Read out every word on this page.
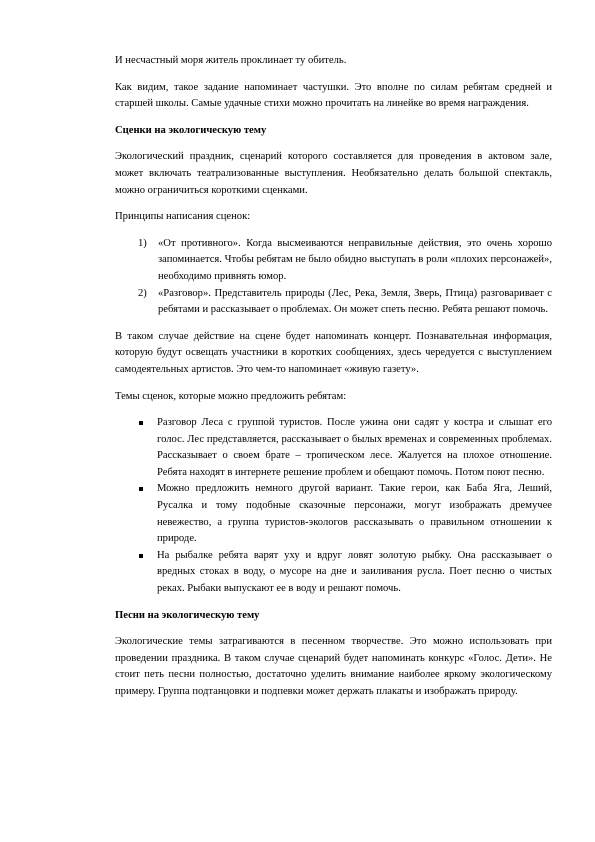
И несчастный моря житель проклинает ту обитель.

Как видим, такое задание напоминает частушки. Это вполне по силам ребятам средней и старшей школы. Самые удачные стихи можно прочитать на линейке во время награждения.

Сценки на экологическую тему

Экологический праздник, сценарий которого составляется для проведения в актовом зале, может включать театрализованные выступления. Необязательно делать большой спектакль, можно ограничиться короткими сценками.

Принципы написания сценок:

1) «От противного». Когда высмеиваются неправильные действия, это очень хорошо запоминается. Чтобы ребятам не было обидно выступать в роли «плохих персонажей», необходимо привнять юмор.
2) «Разговор». Представитель природы (Лес, Река, Земля, Зверь, Птица) разговаривает с ребятами и рассказывает о проблемах. Он может спеть песню. Ребята решают помочь.

В таком случае действие на сцене будет напоминать концерт. Познавательная информация, которую будут освещать участники в коротких сообщениях, здесь чередуется с выступлением самодеятельных артистов. Это чем-то напоминает «живую газету».

Темы сценок, которые можно предложить ребятам:

Разговор Леса с группой туристов. После ужина они садят у костра и слышат его голос. Лес представляется, рассказывает о былых временах и современных проблемах. Рассказывает о своем брате – тропическом лесе. Жалуется на плохое отношение. Ребята находят в интернете решение проблем и обещают помочь. Потом поют песню.
Можно предложить немного другой вариант. Такие герои, как Баба Яга, Леший, Русалка и тому подобные сказочные персонажи, могут изображать дремучее невежество, а группа туристов-экологов рассказывать о правильном отношении к природе.
На рыбалке ребята варят уху и вдруг ловят золотую рыбку. Она рассказывает о вредных стоках в воду, о мусоре на дне и заиливания русла. Поет песню о чистых реках. Рыбаки выпускают ее в воду и решают помочь.

Песни на экологическую тему

Экологические темы затрагиваются в песенном творчестве. Это можно использовать при проведении праздника. В таком случае сценарий будет напоминать конкурс «Голос. Дети». Не стоит петь песни полностью, достаточно уделить внимание наиболее яркому экологическому примеру. Группа подтанцовки и подпевки может держать плакаты и изображать природу.
